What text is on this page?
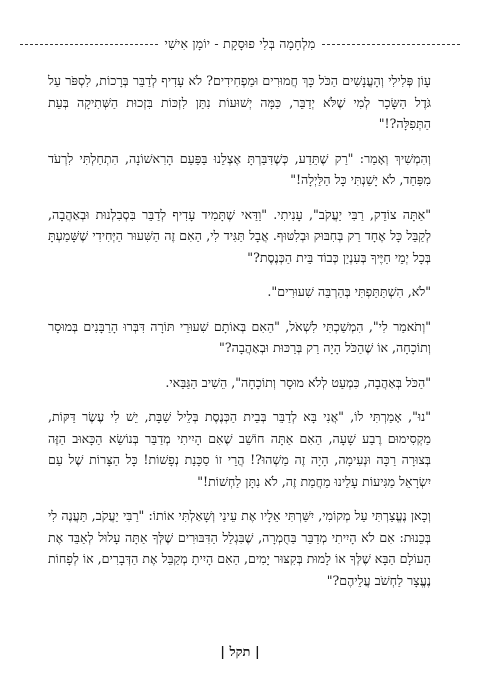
מִלְחָמָה בְּלִי פוּסָקָת - יוֹמָן אִישִׁי

עָוֹן פְּלִילִי וְהָעֳנָשִׁים הַכֹּל כָּךְ חֲמוּרִים וּמַפְחִידִים? לֹא עָדִיף לְדַבֵּר בְּרָכוֹת, לִסְפֹּר עַל גֹּדֶל הַשָּׂכָר לְמִי שֶׁלֹּא יְדַבֵּר, כַּמָּה יְשׁוּעוֹת נִתַּן לִזְכּוֹת בִּזְכוּת הַשְּׁתִיקָה בְּעֵת הַתְּפִלָּה?!"

וְהִמְשִׁיךְ וְאָמַר: "רַק שֶׁתֵּדַע, כְּשֶׁדִּבַּרְתָּ אֶצְלֵנוּ בַּפַּעַם הָרִאשׁוֹנָה, הִתְחַלְתִּי לִרְעֹד מִפַּחַד, לֹא יָשַׁנְתִּי כָּל הַלַּיְלָה!"

"אַתָּה צוֹדֵק, רַבִּי יַעֲקֹב", עָנִיתִי. "וַדַּאי שֶׁתָּמִיד עָדִיף לְדַבֵּר בִּסְבִלְנוּת וּבְאַהֲבָה, לְקַבֵּל כָּל אֶחָד רַק בְּחִבּוּק וּבְלִטּוּף. אֲבָל תַּגִּיד לִי, הַאִם זֶה הַשִּׁעוּר הַיְּחִידִי שֶׁשָּׁמַעְתָּ בְּכָל יְמֵי חַיֶּיךָ בְּעִנְיַן כְּבוֹד בֵּית הַכְּנֶסֶת?"

"לֹא, הִשְׁתַּתַּפְתִּי בְּהַרְבֵּה שִׁעוּרִים".

"וְתֹאמַר לִי", הִמְשַׁכְתִּי לִשְׁאֹל, "הַאִם בְּאוֹתָם שִׁעוּרֵי תּוֹרָה דִּבְּרוּ הָרַבָּנִים בְּמוּסָר וְתוֹכָחָה, אוֹ שֶׁהַכֹּל הָיָה רַק בְּרַכּוּת וּבְאַהֲבָה?"

"הַכֹּל בְּאַהֲבָה, כִּמְעַט לְלֹא מוּסָר וְתוֹכָחָה", הֵשִׁיב הַגַּבַּאי.

"נוּ", אָמַרְתִּי לוֹ, "אֲנִי בָּא לְדַבֵּר בְּבֵית הַכְּנֶסֶת בְּלֵיל שַׁבָּת, יֵשׁ לִי עֶשֶׂר דַּקּוֹת, מַקְסִימוּם רֶבַע שָׁעָה, הַאִם אַתָּה חוֹשֵׁב שֶׁאִם הָיִיתִי מְדַבֵּר בְּנוֹשֵׂא הַכָּאוּב הַזֶּה בְּצוּרָה רַכָּה וּנְעִימָה, הָיָה זֶה מַשְׁהוּ?! הֲרֵי זוֹ סַכָּנַת נְפָשׁוֹת! כָּל הַצָּרוֹת שֶׁל עַם יִשְׂרָאֵל מַגִּיעוֹת עָלֵינוּ מֵחֲמַת זֶה, לֹא נִתָּן לַחְשׁוֹת!"

וְכָאן נֶעֱצַרְתִּי עַל מְקוֹמִי, יִשַּׁרְתִּי אֵלָיו אֶת עֵינַי וְשָׁאַלְתִּי אוֹתוֹ: "רַבִּי יַעֲקֹב, תַּעֲנֶה לִי בְּכֵנוּת: אִם לֹא הָיִיתִי מְדַבֵּר בַּחֻמְרָה, שֶׁבִּגְלַל הַדִּבּוּרִים שֶׁלְּךָ אַתָּה עָלוּל לְאַבֵּד אֶת הָעוֹלָם הַבָּא שֶׁלְּךָ אוֹ לָמוּת בְּקִצּוּר יָמִים, הַאִם הָיִיתָ מְקַבֵּל אֶת הַדְּבָרִים, אוֹ לְפָחוֹת נֶעֱצָר לַחְשֹׁב עֲלֵיהֶם?"

| תקל |
